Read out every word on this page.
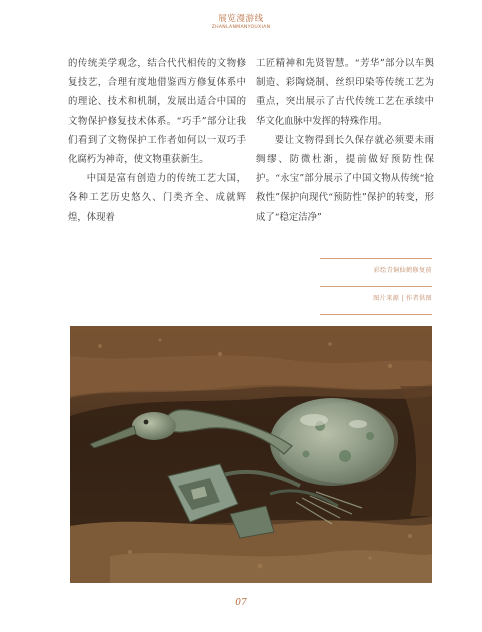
展览漫游线
ZHANLANMANYOUXIAN

的传统美学观念，结合代代相传的文物修复技艺，合理有度地借鉴西方修复体系中的理论、技术和机制，发展出适合中国的文物保护修复技术体系。“巧手”部分让我们看到了文物保护工作者如何以一双巧手化腐朽为神奇，使文物重获新生。

中国是富有创造力的传统工艺大国，各种工艺历史悠久、门类齐全、成就辉煌，体现着

工匠精神和先贤智慧。“芳华”部分以车舆制造、彩陶烧制、丝织印染等传统工艺为重点，突出展示了古代传统工艺在承续中华文化血脉中发挥的特殊作用。

要让文物得到长久保存就必须要未雨绸缪、防微杜渐，提前做好预防性保护。“永宝”部分展示了中国文物从传统“抢救性”保护向现代“预防性”保护的转变，形成了“稳定洁净”

彩绘青铜仙鹤修复前
图片来源 | 作者供图
07
